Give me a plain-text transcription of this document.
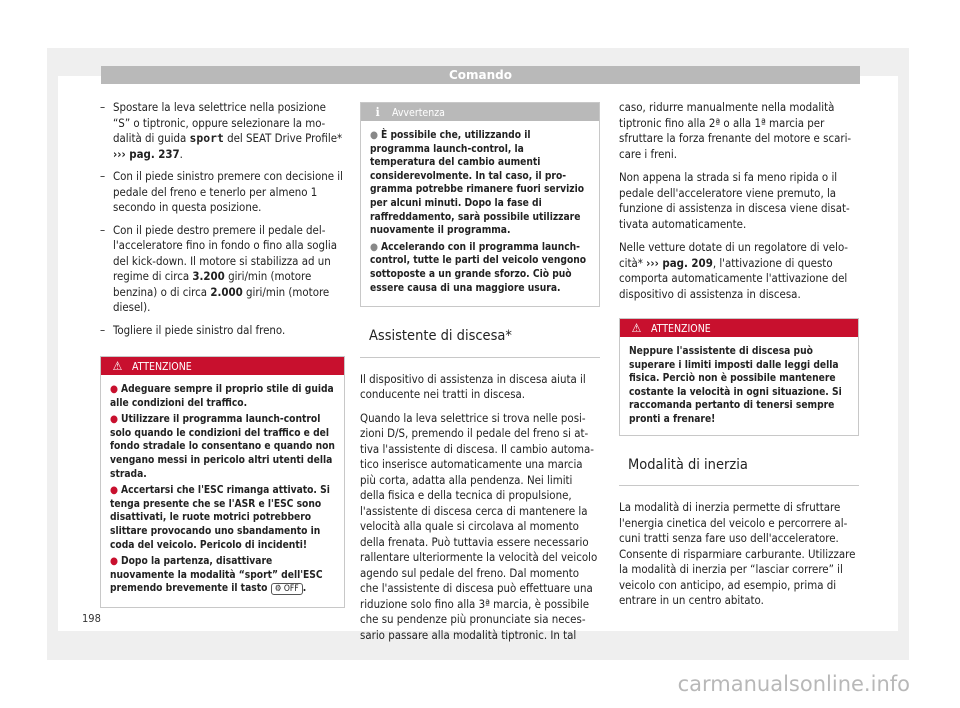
Comando
– Spostare la leva selettrice nella posizione “S” o tiptronic, oppure selezionare la modalità di guida sport del SEAT Drive Profile* ››› pag. 237.
– Con il piede sinistro premere con decisione il pedale del freno e tenerlo per almeno 1 secondo in questa posizione.
– Con il piede destro premere il pedale dell'acceleratore fino in fondo o fino alla soglia del kick-down. Il motore si stabilizza ad un regime di circa 3.200 giri/min (motore benzina) o di circa 2.000 giri/min (motore diesel).
– Togliere il piede sinistro dal freno.
⚠ ATTENZIONE
● Adeguare sempre il proprio stile di guida alle condizioni del traffico.
● Utilizzare il programma launch-control solo quando le condizioni del traffico e del fondo stradale lo consentano e quando non vengano messi in pericolo altri utenti della strada.
● Accertarsi che l'ESC rimanga attivato. Si tenga presente che se l'ASR e l'ESC sono disattivati, le ruote motrici potrebbero slittare provocando uno sbandamento in coda del veicolo. Pericolo di incidenti!
● Dopo la partenza, disattivare nuovamente la modalità “sport” dell'ESC premendo brevemente il tasto ⚙ OFF .
ℹ Avvertenza
● È possibile che, utilizzando il programma launch-control, la temperatura del cambio aumenti considerevolmente. In tal caso, il programma potrebbe rimanere fuori servizio per alcuni minuti. Dopo la fase di raffreddamento, sarà possibile utilizzare nuovamente il programma.
● Accelerando con il programma launch-control, tutte le parti del veicolo vengono sottoposte a un grande sforzo. Ciò può essere causa di una maggiore usura.
Assistente di discesa*

Il dispositivo di assistenza in discesa aiuta il conducente nei tratti in discesa.

Quando la leva selettrice si trova nelle posizioni D/S, premendo il pedale del freno si attiva l'assistente di discesa. Il cambio automatico inserisce automaticamente una marcia più corta, adatta alla pendenza. Nei limiti della fisica e della tecnica di propulsione, l'assistente di discesa cerca di mantenere la velocità alla quale si circolava al momento della frenata. Può tuttavia essere necessario rallentare ulteriormente la velocità del veicolo agendo sul pedale del freno. Dal momento che l'assistente di discesa può effettuare una riduzione solo fino alla 3ª marcia, è possibile che su pendenze più pronunciate sia necessario passare alla modalità tiptronic. In tal

caso, ridurre manualmente nella modalità tiptronic fino alla 2ª o alla 1ª marcia per sfruttare la forza frenante del motore e scaricare i freni.

Non appena la strada si fa meno ripida o il pedale dell'acceleratore viene premuto, la funzione di assistenza in discesa viene disattivata automaticamente.

Nelle vetture dotate di un regolatore di velocità* ››› pag. 209, l'attivazione di questo comporta automaticamente l'attivazione del dispositivo di assistenza in discesa.

⚠ ATTENZIONE
Neppure l'assistente di discesa può superare i limiti imposti dalle leggi della fisica. Perciò non è possibile mantenere costante la velocità in ogni situazione. Si raccomanda pertanto di tenersi sempre pronti a frenare!
Modalità di inerzia

La modalità di inerzia permette di sfruttare l'energia cinetica del veicolo e percorrere alcuni tratti senza fare uso dell'acceleratore. Consente di risparmiare carburante. Utilizzare la modalità di inerzia per “lasciar correre” il veicolo con anticipo, ad esempio, prima di entrare in un centro abitato.

198
carmanualsonline.info
